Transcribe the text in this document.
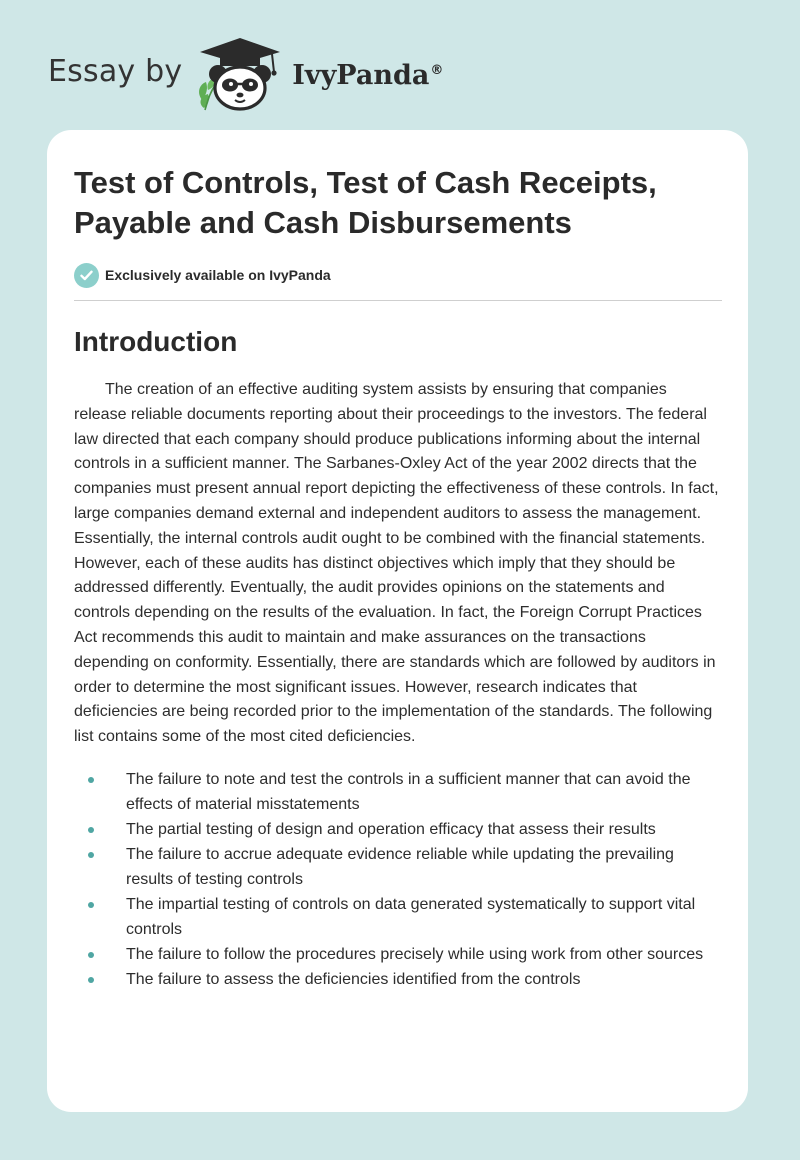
Essay by	IvyPanda®
Test of Controls, Test of Cash Receipts, Payable and Cash Disbursements
Exclusively available on IvyPanda
Introduction

The creation of an effective auditing system assists by ensuring that companies release reliable documents reporting about their proceedings to the investors. The federal law directed that each company should produce publications informing about the internal controls in a sufficient manner. The Sarbanes-Oxley Act of the year 2002 directs that the companies must present annual report depicting the effectiveness of these controls. In fact, large companies demand external and independent auditors to assess the management. Essentially, the internal controls audit ought to be combined with the financial statements. However, each of these audits has distinct objectives which imply that they should be addressed differently. Eventually, the audit provides opinions on the statements and controls depending on the results of the evaluation. In fact, the Foreign Corrupt Practices Act recommends this audit to maintain and make assurances on the transactions depending on conformity. Essentially, there are standards which are followed by auditors in order to determine the most significant issues. However, research indicates that deficiencies are being recorded prior to the implementation of the standards. The following list contains some of the most cited deficiencies.

The failure to note and test the controls in a sufficient manner that can avoid the effects of material misstatements
The partial testing of design and operation efficacy that assess their results
The failure to accrue adequate evidence reliable while updating the prevailing results of testing controls
The impartial testing of controls on data generated systematically to support vital controls
The failure to follow the procedures precisely while using work from other sources
The failure to assess the deficiencies identified from the controls
